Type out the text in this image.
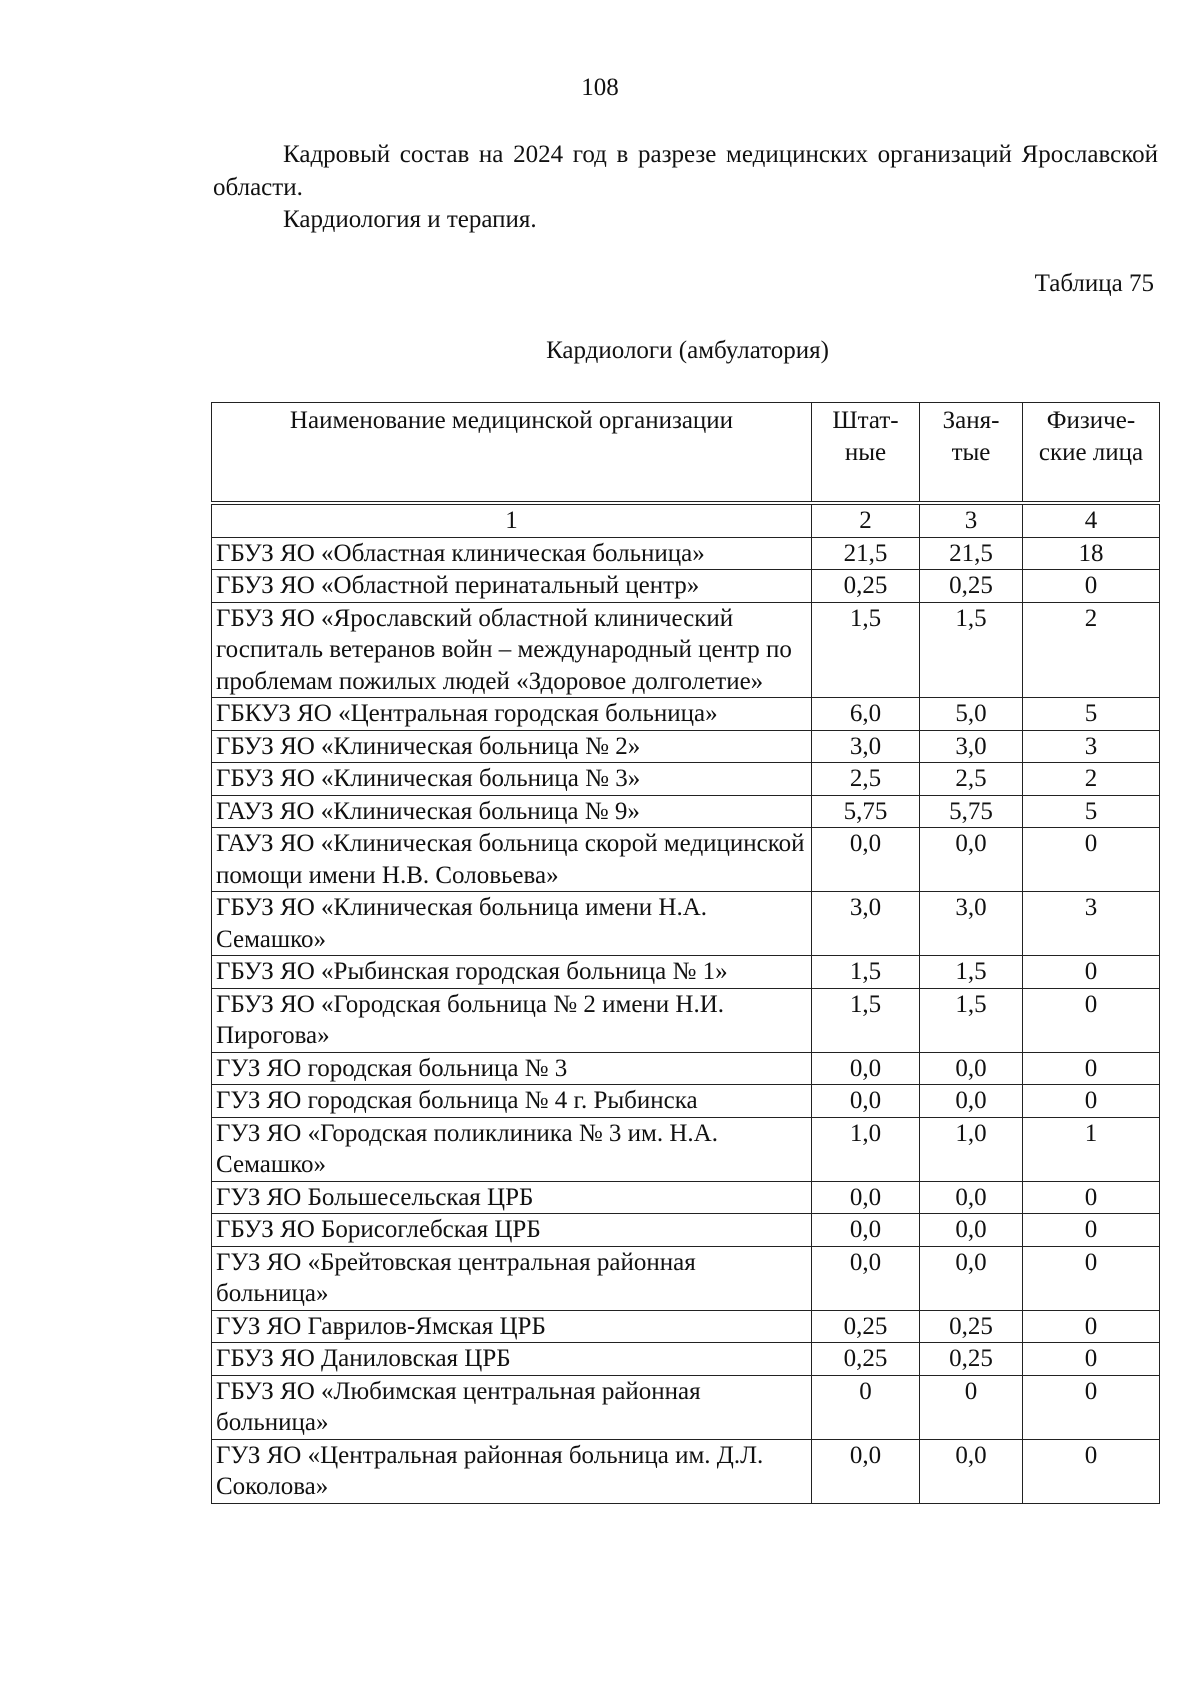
108
Кадровый состав на 2024 год в разрезе медицинских организаций Ярославской области.
Кардиология и терапия.
Таблица 75
Кардиологи (амбулатория)
Наименование медицинской организации	Штат-ные	Заня-тые	Физиче-ские лица
1	2	3	4
ГБУЗ ЯО «Областная клиническая больница»	21,5	21,5	18
ГБУЗ ЯО «Областной перинатальный центр»	0,25	0,25	0
ГБУЗ ЯО «Ярославский областной клинический госпиталь ветеранов войн – международный центр по проблемам пожилых людей «Здоровое долголетие»	1,5	1,5	2
ГБКУЗ ЯО «Центральная городская больница»	6,0	5,0	5
ГБУЗ ЯО «Клиническая больница № 2»	3,0	3,0	3
ГБУЗ ЯО «Клиническая больница № 3»	2,5	2,5	2
ГАУЗ ЯО «Клиническая больница № 9»	5,75	5,75	5
ГАУЗ ЯО «Клиническая больница скорой медицинской помощи имени Н.В. Соловьева»	0,0	0,0	0
ГБУЗ ЯО «Клиническая больница имени Н.А. Семашко»	3,0	3,0	3
ГБУЗ ЯО «Рыбинская городская больница № 1»	1,5	1,5	0
ГБУЗ ЯО «Городская больница № 2 имени Н.И. Пирогова»	1,5	1,5	0
ГУЗ ЯО городская больница № 3	0,0	0,0	0
ГУЗ ЯО городская больница № 4 г. Рыбинска	0,0	0,0	0
ГУЗ ЯО «Городская поликлиника № 3 им. Н.А. Семашко»	1,0	1,0	1
ГУЗ ЯО Большесельская ЦРБ	0,0	0,0	0
ГБУЗ ЯО Борисоглебская ЦРБ	0,0	0,0	0
ГУЗ ЯО «Брейтовская центральная районная больница»	0,0	0,0	0
ГУЗ ЯО Гаврилов-Ямская ЦРБ	0,25	0,25	0
ГБУЗ ЯО Даниловская ЦРБ	0,25	0,25	0
ГБУЗ ЯО «Любимская центральная районная больница»	0	0	0
ГУЗ ЯО «Центральная районная больница им. Д.Л. Соколова»	0,0	0,0	0
